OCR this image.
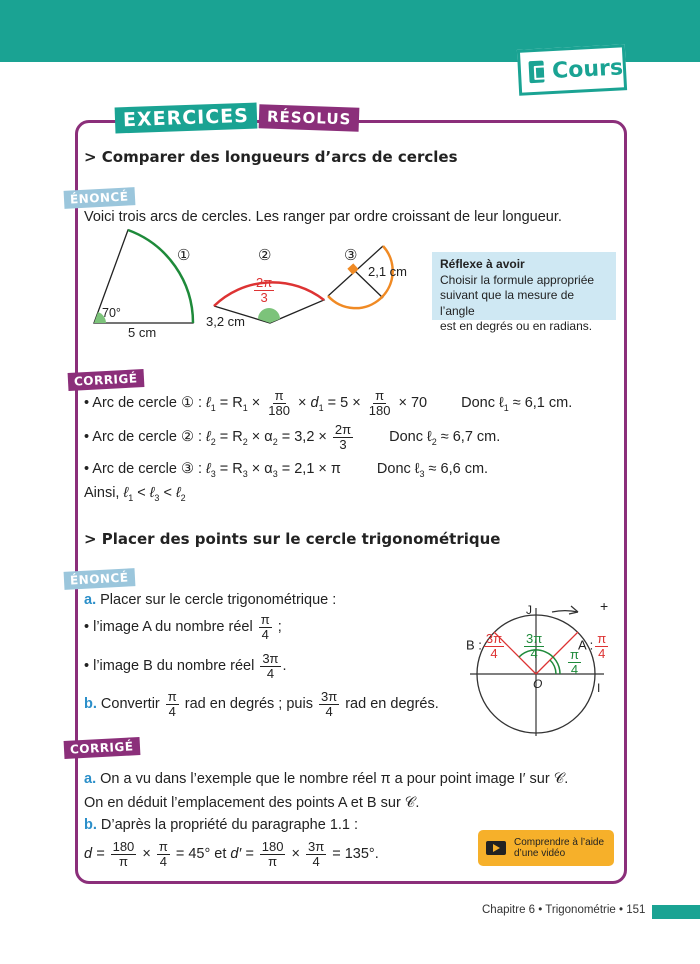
Cours
EXERCICES	RÉSOLUS
> Comparer des longueurs d’arcs de cercles
ÉNONCÉ
Voici trois arcs de cercles. Les ranger par ordre croissant de leur longueur.
①	②	③
70°
5 cm
$\frac{2\pi}{3}$
3,2 cm
2,1 cm	Réflexe à avoir
Choisir la formule appropriée
suivant que la mesure de l’angle
est en degrés ou en radians.
CORRIGÉ
• Arc de cercle ① : ℓ$_1$ = $R_1 \times \frac{\pi}{180} \times d_1 = 5 \times \frac{\pi}{180} \times 70$ Donc ℓ$_1$ ≈ 6,1 cm.
• Arc de cercle ② : ℓ$_2$ = $R_2 \times \alpha_2 = 3,2 \times \frac{2\pi}{3}$ Donc ℓ$_2$ ≈ 6,7 cm.
• Arc de cercle ③ : ℓ$_3$ = $R_3 \times \alpha_3 = 2,1 \times \pi$ Donc ℓ$_3$ ≈ 6,6 cm.
Ainsi, ℓ$_1$ < ℓ$_3$ < ℓ$_2$
> Placer des points sur le cercle trigonométrique
ÉNONCÉ
a. Placer sur le cercle trigonométrique :
• l’image A du nombre réel $\frac{\pi}{4}$ ;
• l’image B du nombre réel $\frac{3\pi}{4}$ .
b. Convertir $\frac{\pi}{4}$ rad en degrés ; puis $\frac{3\pi}{4}$ rad en degrés.
J
I
O
+
A : $\frac{\pi}{4}$
B : $\frac{3\pi}{4} \frac{3\pi}{4}$
$\frac{\pi}{4}$
CORRIGÉ
a. On a vu dans l’exemple que le nombre réel π a pour point image I′ sur 𝒞.
On en déduit l’emplacement des points A et B sur 𝒞.
b. D’après la propriété du paragraphe 1.1 :
$d = \frac{180}{\pi} \times \frac{\pi}{4} = 45^\circ$ et $d' = \frac{180}{\pi} \times \frac{3\pi}{4} = 135^\circ$.
Comprendre à l’aide
d’une vidéo
Chapitre 6 • Trigonométrie • 151
